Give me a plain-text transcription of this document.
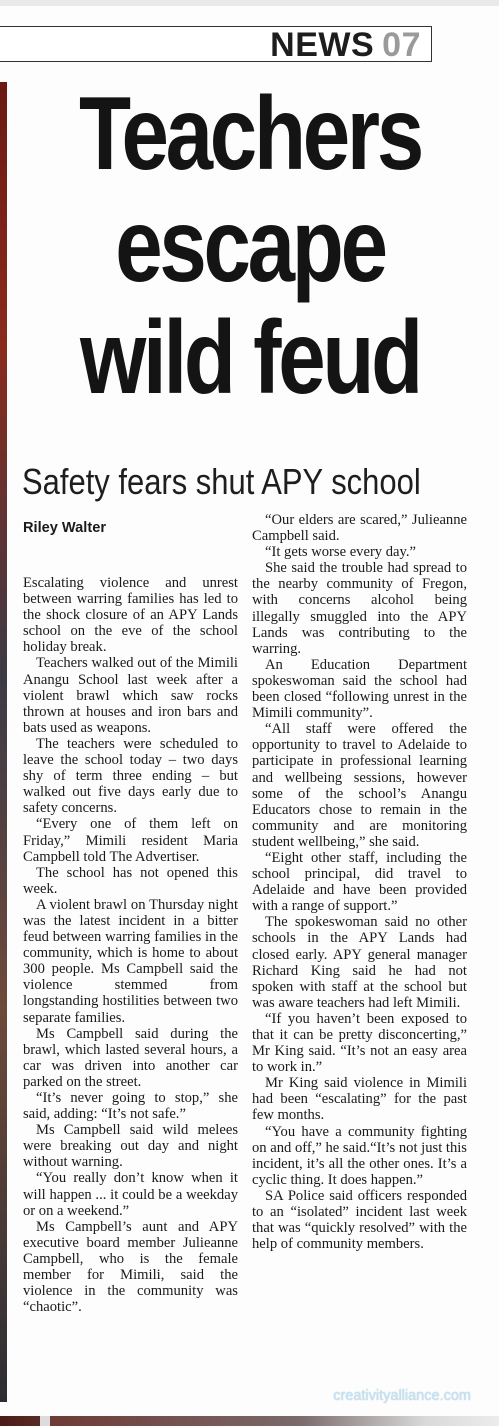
NEWS 07
Teachers
escape
wild feud
Safety fears shut APY school
Riley Walter

Escalating violence and unrest between warring families has led to the shock closure of an APY Lands school on the eve of the school holiday break.

Teachers walked out of the Mimili Anangu School last week after a violent brawl which saw rocks thrown at houses and iron bars and bats used as weapons.

The teachers were scheduled to leave the school today – two days shy of term three ending – but walked out five days early due to safety concerns.

“Every one of them left on Friday,” Mimili resident Maria Campbell told The Advertiser.

The school has not opened this week.

A violent brawl on Thursday night was the latest incident in a bitter feud between warring families in the community, which is home to about 300 people. Ms Campbell said the violence stemmed from longstanding hostilities between two separate families.

Ms Campbell said during the brawl, which lasted several hours, a car was driven into another car parked on the street.

“It’s never going to stop,” she said, adding: “It’s not safe.”

Ms Campbell said wild melees were breaking out day and night without warning.

“You really don’t know when it will happen ... it could be a weekday or on a weekend.”

Ms Campbell’s aunt and APY executive board member Julieanne Campbell, who is the female member for Mimili, said the violence in the community was “chaotic”.

“Our elders are scared,” Julieanne Campbell said.

“It gets worse every day.”

She said the trouble had spread to the nearby community of Fregon, with concerns alcohol being illegally smuggled into the APY Lands was contributing to the warring.

An Education Department spokeswoman said the school had been closed “following unrest in the Mimili community”.

“All staff were offered the opportunity to travel to Adelaide to participate in professional learning and wellbeing sessions, however some of the school’s Anangu Educators chose to remain in the community and are monitoring student wellbeing,” she said.

“Eight other staff, including the school principal, did travel to Adelaide and have been provided with a range of support.”

The spokeswoman said no other schools in the APY Lands had closed early. APY general manager Richard King said he had not spoken with staff at the school but was aware teachers had left Mimili.

“If you haven’t been exposed to that it can be pretty disconcerting,” Mr King said. “It’s not an easy area to work in.”

Mr King said violence in Mimili had been “escalating” for the past few months.

“You have a community fighting on and off,” he said.“It’s not just this incident, it’s all the other ones. It’s a cyclic thing. It does happen.”

SA Police said officers responded to an “isolated” incident last week that was “quickly resolved” with the help of community members.

creativityalliance.com
